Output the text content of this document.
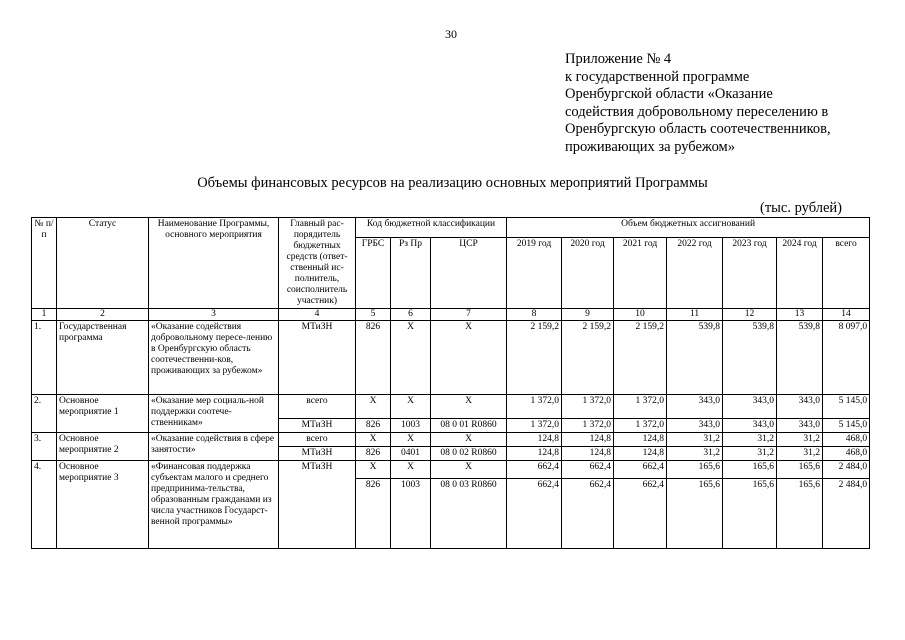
30
Приложение № 4
к государственной программе
Оренбургской области «Оказание
содействия добровольному переселению в
Оренбургскую область соотечественников,
проживающих за рубежом»
Объемы финансовых ресурсов на реализацию основных мероприятий Программы
(тыс. рублей)
№ п/п	Статус	Наименование Программы, основного мероприятия	Главный рас-порядитель бюджетных средств (ответ-ственный ис-полнитель, соисполнитель участник)	Код бюджетной классификации			Объем бюджетных ассигнований						
				ГРБС	Рз Пр	ЦСР	2019 год	2020 год	2021 год	2022 год	2023 год	2024 год	всего
1	2	3	4	5	6	7	8	9	10	11	12	13	14
1.	Государственная программа	«Оказание содействия добровольному пересе-лению в Оренбургскую область соотечественни-ков, проживающих за рубежом»	МТиЗН	826	X	X	2 159,2	2 159,2	2 159,2	539,8	539,8	539,8	8 097,0
2.	Основное мероприятие 1	«Оказание мер социаль-ной поддержки соотече-ственникам»	всего	X	X	X	1 372,0	1 372,0	1 372,0	343,0	343,0	343,0	5 145,0
			МТиЗН	826	1003	08 0 01 R0860	1 372,0	1 372,0	1 372,0	343,0	343,0	343,0	5 145,0
3.	Основное мероприятие 2	«Оказание содействия в сфере занятости»	всего	X	X	X	124,8	124,8	124,8	31,2	31,2	31,2	468,0
			МТиЗН	826	0401	08 0 02 R0860	124,8	124,8	124,8	31,2	31,2	31,2	468,0
4.	Основное мероприятие 3	«Финансовая поддержка субъектам малого и среднего предпринима-тельства, образованным гражданами из числа участников Государст-венной программы»	МТиЗН	X	X	X	662,4	662,4	662,4	165,6	165,6	165,6	2 484,0
				826	1003	08 0 03 R0860	662,4	662,4	662,4	165,6	165,6	165,6	2 484,0
